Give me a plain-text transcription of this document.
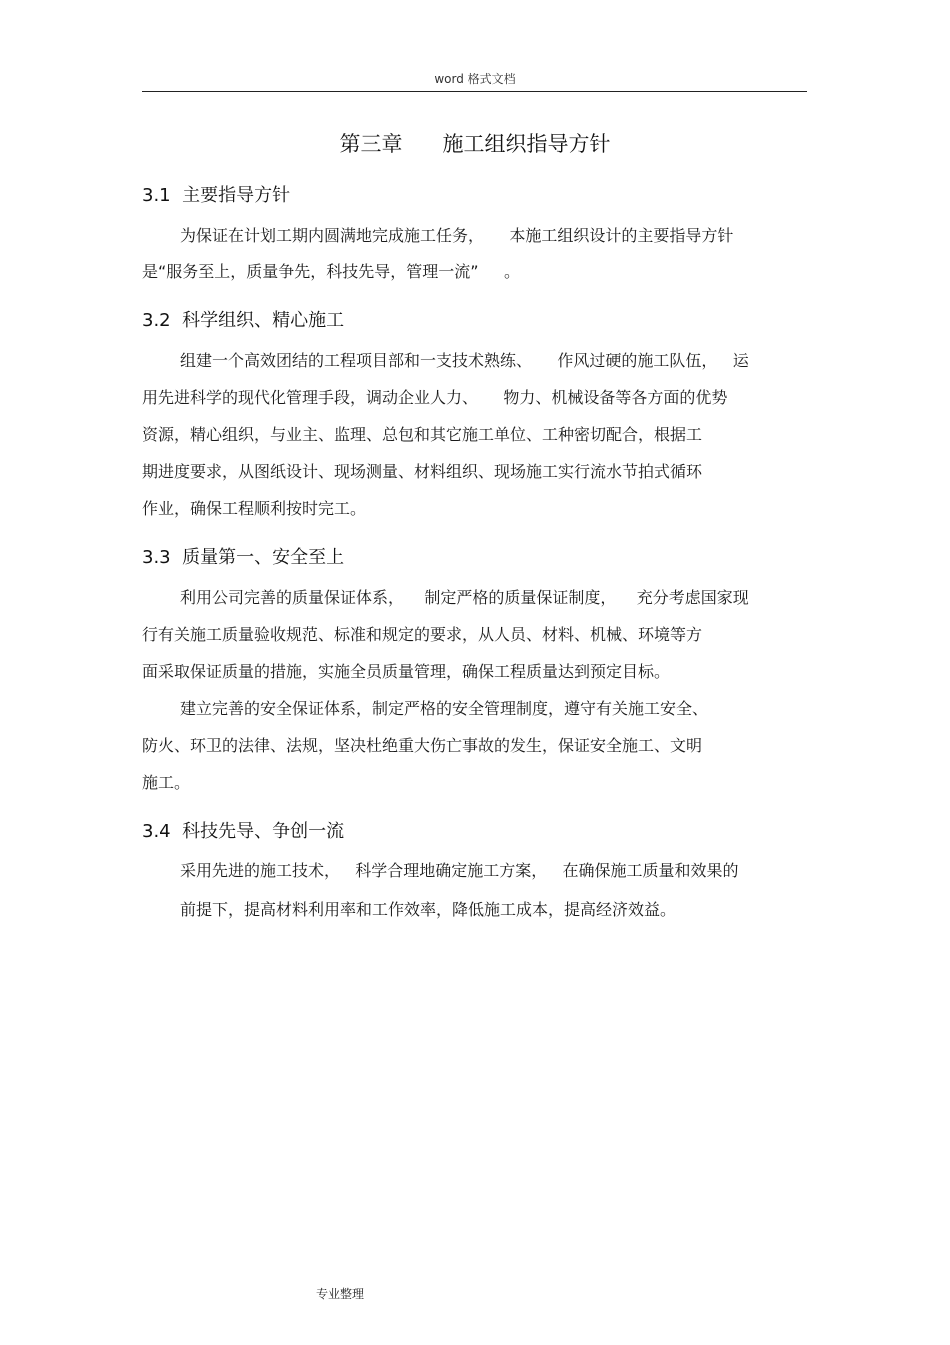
word 格式文档
第三章      施工组织指导方针
3.1  主要指导方针
为保证在计划工期内圆满地完成施工任务，     本施工组织设计的主要指导方针
是“服务至上，质量争先，科技先导，管理一流”     。
3.2  科学组织、精心施工
组建一个高效团结的工程项目部和一支技术熟练、     作风过硬的施工队伍，   运
用先进科学的现代化管理手段，调动企业人力、     物力、机械设备等各方面的优势
资源，精心组织，与业主、监理、总包和其它施工单位、工种密切配合，根据工
期进度要求，从图纸设计、现场测量、材料组织、现场施工实行流水节拍式循环
作业，确保工程顺利按时完工。
3.3  质量第一、安全至上
利用公司完善的质量保证体系，    制定严格的质量保证制度，    充分考虑国家现
行有关施工质量验收规范、标准和规定的要求，从人员、材料、机械、环境等方
面采取保证质量的措施，实施全员质量管理，确保工程质量达到预定目标。
建立完善的安全保证体系，制定严格的安全管理制度，遵守有关施工安全、
防火、环卫的法律、法规，坚决杜绝重大伤亡事故的发生，保证安全施工、文明
施工。
3.4  科技先导、争创一流
采用先进的施工技术，   科学合理地确定施工方案，   在确保施工质量和效果的
前提下，提高材料利用率和工作效率，降低施工成本，提高经济效益。
专业整理
